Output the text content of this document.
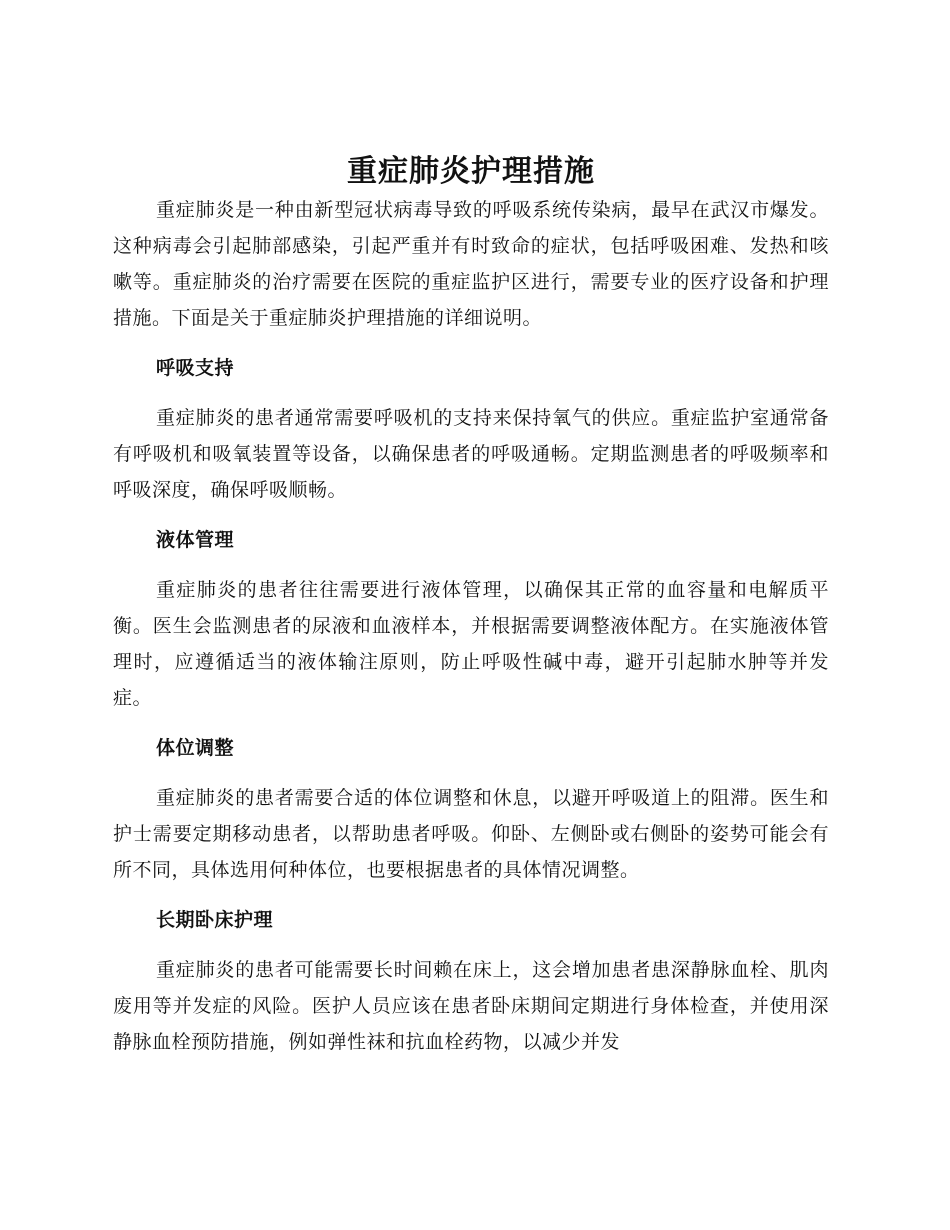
重症肺炎护理措施

重症肺炎是一种由新型冠状病毒导致的呼吸系统传染病，最早在武汉市爆发。这种病毒会引起肺部感染，引起严重并有时致命的症状，包括呼吸困难、发热和咳嗽等。重症肺炎的治疗需要在医院的重症监护区进行，需要专业的医疗设备和护理措施。下面是关于重症肺炎护理措施的详细说明。

呼吸支持

重症肺炎的患者通常需要呼吸机的支持来保持氧气的供应。重症监护室通常备有呼吸机和吸氧装置等设备，以确保患者的呼吸通畅。定期监测患者的呼吸频率和呼吸深度，确保呼吸顺畅。

液体管理

重症肺炎的患者往往需要进行液体管理，以确保其正常的血容量和电解质平衡。医生会监测患者的尿液和血液样本，并根据需要调整液体配方。在实施液体管理时，应遵循适当的液体输注原则，防止呼吸性碱中毒，避开引起肺水肿等并发症。

体位调整

重症肺炎的患者需要合适的体位调整和休息，以避开呼吸道上的阻滞。医生和护士需要定期移动患者，以帮助患者呼吸。仰卧、左侧卧或右侧卧的姿势可能会有所不同，具体选用何种体位，也要根据患者的具体情况调整。

长期卧床护理

重症肺炎的患者可能需要长时间赖在床上，这会增加患者患深静脉血栓、肌肉废用等并发症的风险。医护人员应该在患者卧床期间定期进行身体检查，并使用深静脉血栓预防措施，例如弹性袜和抗血栓药物，以减少并发
